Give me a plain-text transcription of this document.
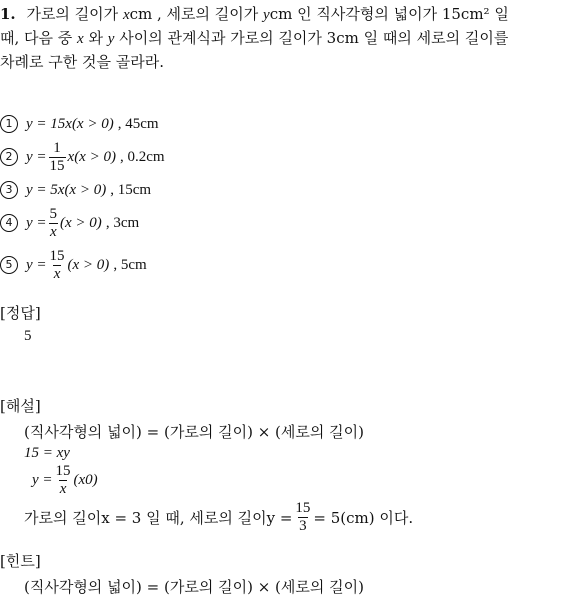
1. 가로의 길이가 xcm , 세로의 길이가 ycm 인 직사각형의 넓이가 15cm² 일
때, 다음 중 x 와 y 사이의 관계식과 가로의 길이가 3cm 일 때의 세로의 길이를
차례로 구한 것을 골라라.
1 y = 15x(x > 0) , 45cm
2 $y = \frac{1}{15} x(x > 0)$ , 0.2cm
3 y = 5x(x > 0) , 15cm
4 $y = \frac{5}{x} (x > 0)$ , 3cm
5 $y = \frac{15}{x} (x > 0)$ , 5cm
[정답]
5
[해설]
(직사각형의 넓이) = (가로의 길이) × (세로의 길이)
15 = xy
$y = \frac{15}{x} (x0)$
가로의 길이x = 3 일 때, 세로의 길이$y = \frac{15}{3} = 5(cm)$ 이다.
[힌트]
(직사각형의 넓이) = (가로의 길이) × (세로의 길이)
